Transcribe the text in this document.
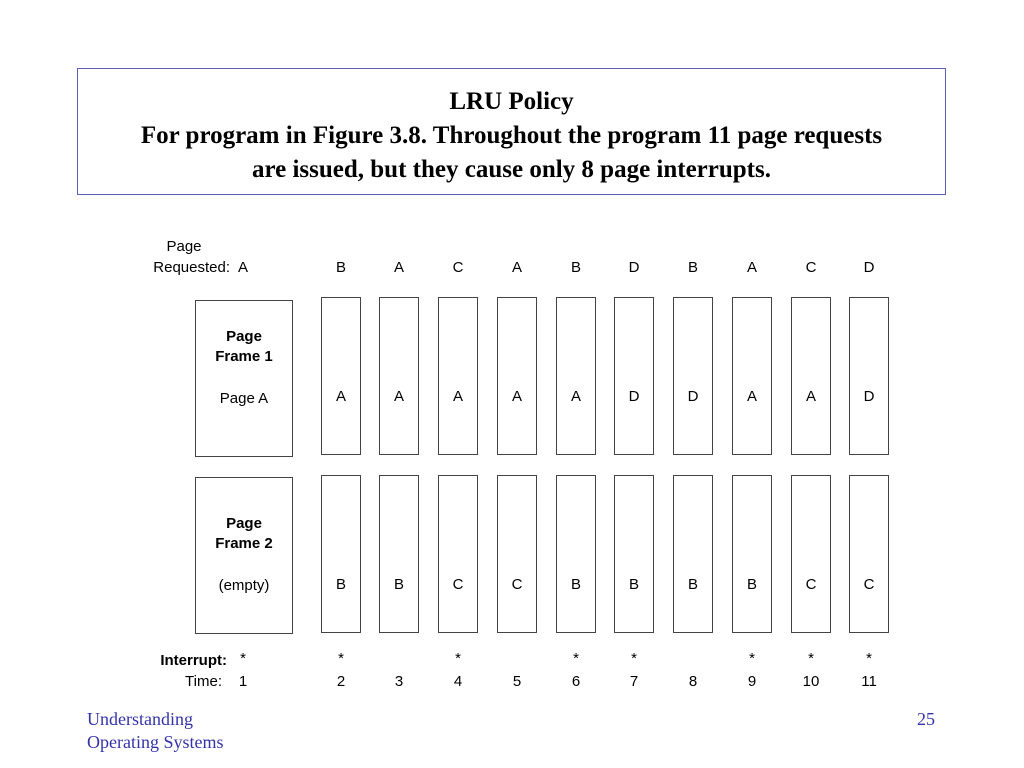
LRU Policy
For program in Figure 3.8. Throughout the program 11 page requests
are issued, but they cause only 8 page interrupts.
Page
Requested:
Interrupt:
Time:
Page
Frame 1
Page A
Page
Frame 2
(empty)
A
*
1
B
A
B
*
2
A
A
B
3
C
A
C
*
4
A
A
C
5
B
A
B
*
6
D
D
B
*
7
B
D
B
8
A
A
B
*
9
C
A
C
*
10
D
D
C
*
11
Understanding
Operating Systems
25
